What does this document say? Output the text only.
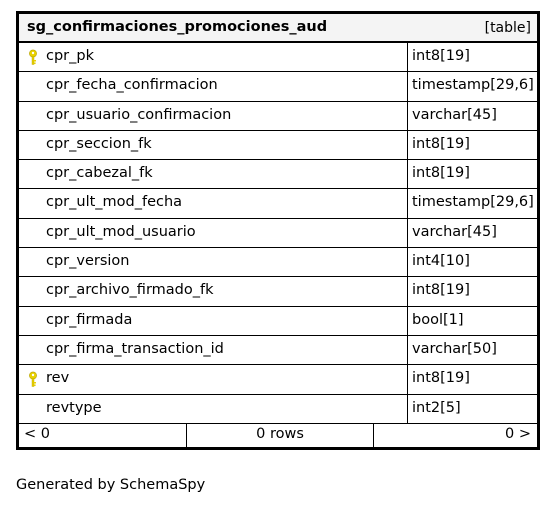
sg_confirmaciones_promociones_aud	[table]
cpr_pk	int8[19]
cpr_fecha_confirmacion	timestamp[29,6]
cpr_usuario_confirmacion	varchar[45]
cpr_seccion_fk	int8[19]
cpr_cabezal_fk	int8[19]
cpr_ult_mod_fecha	timestamp[29,6]
cpr_ult_mod_usuario	varchar[45]
cpr_version	int4[10]
cpr_archivo_firmado_fk	int8[19]
cpr_firmada	bool[1]
cpr_firma_transaction_id	varchar[50]
rev	int8[19]
revtype	int2[5]
< 0	0 rows	0 >
Generated by SchemaSpy
